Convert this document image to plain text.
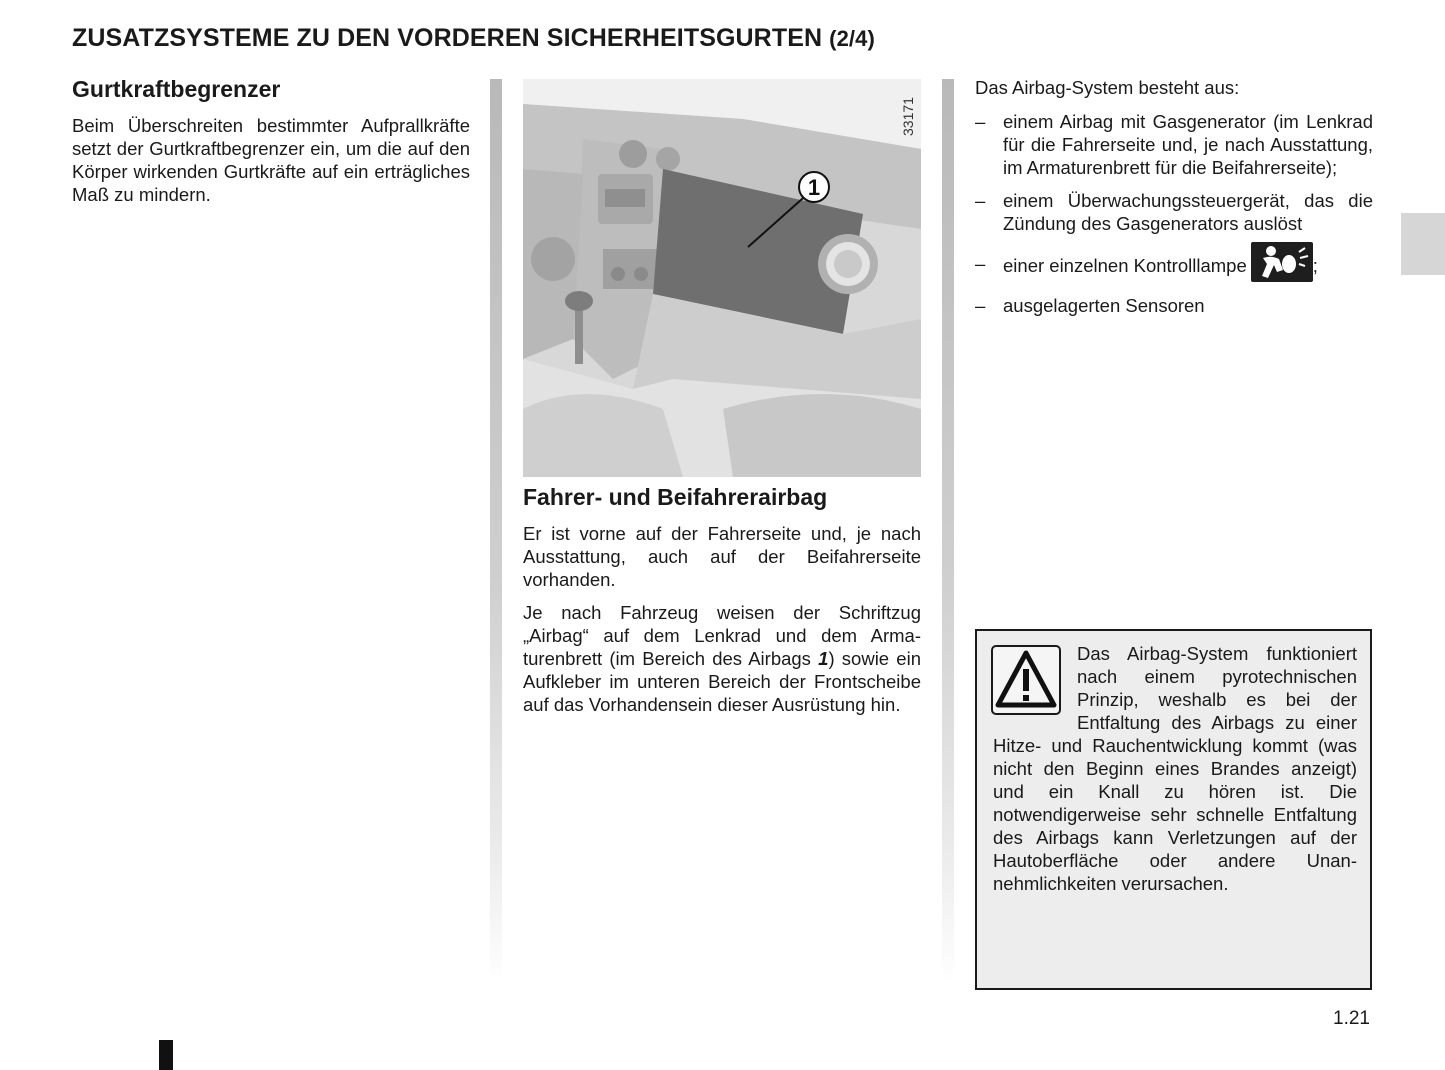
ZUSATZSYSTEME ZU DEN VORDEREN SICHERHEITSGURTEN (2/4)
Gurtkraftbegrenzer

Beim Überschreiten bestimmter Aufprallkräfte setzt der Gurtkraftbegrenzer ein, um die auf den Körper wirkenden Gurtkräfte auf ein erträgliches Maß zu mindern.	1
33171
Fahrer- und Beifahrerairbag

Er ist vorne auf der Fahrerseite und, je nach Ausstattung, auch auf der Beifahrerseite vorhanden.

Je nach Fahrzeug weisen der Schriftzug „Airbag“ auf dem Lenkrad und dem Armaturenbrett (im Bereich des Airbags 1) sowie ein Aufkleber im unteren Bereich der Frontscheibe auf das Vorhandensein dieser Ausrüstung hin.

Das Airbag-System besteht aus:

– einem Airbag mit Gasgenerator (im Lenkrad für die Fahrerseite und, je nach Ausstattung, im Armaturenbrett für die Beifahrerseite);
– einem Überwachungssteuergerät, das die Zündung des Gasgenerators auslöst
– einer einzelnen Kontrolllampe	;
– ausgelagerten Sensoren
Das Airbag-System funktioniert nach einem pyrotechnischen Prinzip, weshalb es bei der Entfaltung des Airbags zu einer Hitze- und Rauchentwicklung kommt (was nicht den Beginn eines Brandes anzeigt) und ein Knall zu hören ist. Die notwendigerweise sehr schnelle Entfaltung des Airbags kann Verletzungen auf der Hautoberfläche oder andere Unannehmlichkeiten verursachen.
1.21
